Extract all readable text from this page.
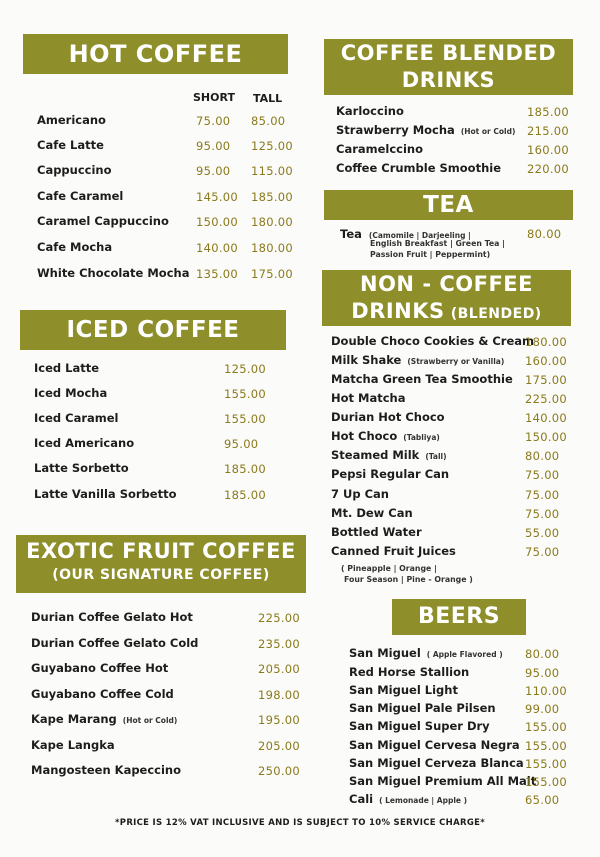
HOT COFFEE
SHORT TALL
Americano	75.00 85.00
Cafe Latte	95.00 125.00
Cappuccino	95.00 115.00
Cafe Caramel	145.00 185.00
Caramel Cappuccino 150.00 180.00
Cafe Mocha	140.00 180.00
White Chocolate Mocha 135.00 175.00
ICED COFFEE
Iced Latte	125.00
Iced Mocha	155.00
Iced Caramel	155.00
Iced Americano	95.00
Latte Sorbetto	185.00
Latte Vanilla Sorbetto	185.00
EXOTIC FRUIT COFFEE
(OUR SIGNATURE COFFEE)
Durian Coffee Gelato Hot	225.00
Durian Coffee Gelato Cold	235.00
Guyabano Coffee Hot	205.00
Guyabano Coffee Cold	198.00
Kape Marang (Hot or Cold)	195.00
Kape Langka	205.00
Mangosteen Kapeccino	250.00
COFFEE BLENDED
DRINKS
Karloccino	185.00
Strawberry Mocha (Hot or Cold) 215.00
Caramelccino	160.00
Coffee Crumble Smoothie 220.00
TEA
Tea (Camomile | Darjeeling |
English Breakfast | Green Tea |
Passion Fruit | Peppermint)
80.00
NON - COFFEE
DRINKS (BLENDED)
Double Choco Cookies & Cream
180.00
Milk Shake (Strawberry or Vanilla) 160.00
Matcha Green Tea Smoothie 175.00
Hot Matcha	225.00
Durian Hot Choco	140.00
Hot Choco (Tabliya)	150.00
Steamed Milk (Tall)	80.00
Pepsi Regular Can	75.00
7 Up Can	75.00
Mt. Dew Can	75.00
Bottled Water	55.00
Canned Fruit Juices	75.00
( Pineapple | Orange |
Four Season | Pine - Orange )
BEERS
San Miguel ( Apple Flavored ) 80.00
Red Horse Stallion	95.00
San Miguel Light	110.00
San Miguel Pale Pilsen	99.00
San Miguel Super Dry	155.00
San Miguel Cervesa Negra 155.00
San Miguel Cerveza Blanca 155.00
San Miguel Premium All Malt
155.00
Cali ( Lemonade | Apple )	65.00
*PRICE IS 12% VAT INCLUSIVE AND IS SUBJECT TO 10% SERVICE CHARGE*
